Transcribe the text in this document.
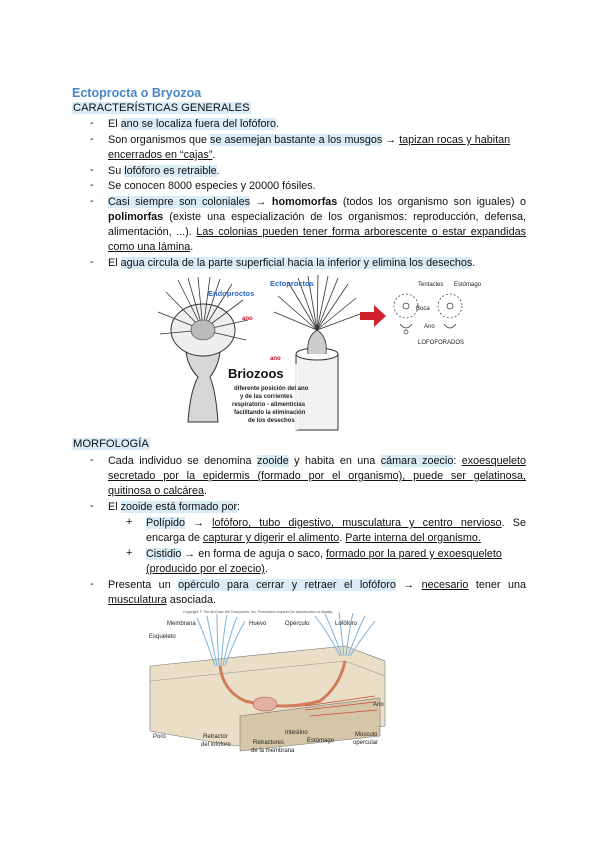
Ectoprocta o Bryozoa
CARACTERÍSTICAS GENERALES
- El ano se localiza fuera del lofóforo.
- Son organismos que se asemejan bastante a los musgos → tapizan rocas y habitan
encerrados en “cajas”.
- Su lofóforo es retraible.
- Se conocen 8000 especies y 20000 fósiles.
- Casi siempre son coloniales → homomorfas (todos los organismo son iguales) o
polimorfas (existe una especialización de los organismos: reproducción, defensa,
alimentación, ...). Las colonias pueden tener forma arborescente o estar expandidas
como una lámina.
- El agua circula de la parte superficial hacia la inferior y elimina los desechos.
Ectoproctos
Endoproctos
ano
ano
Briozoos
diferente posición del ano
y de las corrientes
respiratorio - alimenticias
facilitando la eliminación
de los desechos
Tentacles Estómago
Boca
Ano
LOFOFORADOS
MORFOLOGÍA
- Cada individuo se denomina zooide y habita en una cámara zoecio: exoesqueleto
secretado por la epidermis (formado por el organismo), puede ser gelatinosa,
quitinosa o calcárea.
- El zooide está formado por:
+ Polípido → lofóforo, tubo digestivo, musculatura y centro nervioso. Se
encarga de capturar y digerir el alimento. Parte interna del organismo.
+ Cistidio → en forma de aguja o saco, formado por la pared y exoesqueleto
(producido por el zoecio).
- Presenta un opérculo para cerrar y retraer el lofóforo → necesario tener una
musculatura asociada.
Copyright © The McGraw-Hill Companies, Inc. Permission required for reproduction or display.
Esqueleto
Membrana	Huevo	Opérculo	Lofóforo
Ano
Poro	Retractor
del lofóforo	Retractores
de la membrana
Intestino
Estómago
Músculo
opercular
